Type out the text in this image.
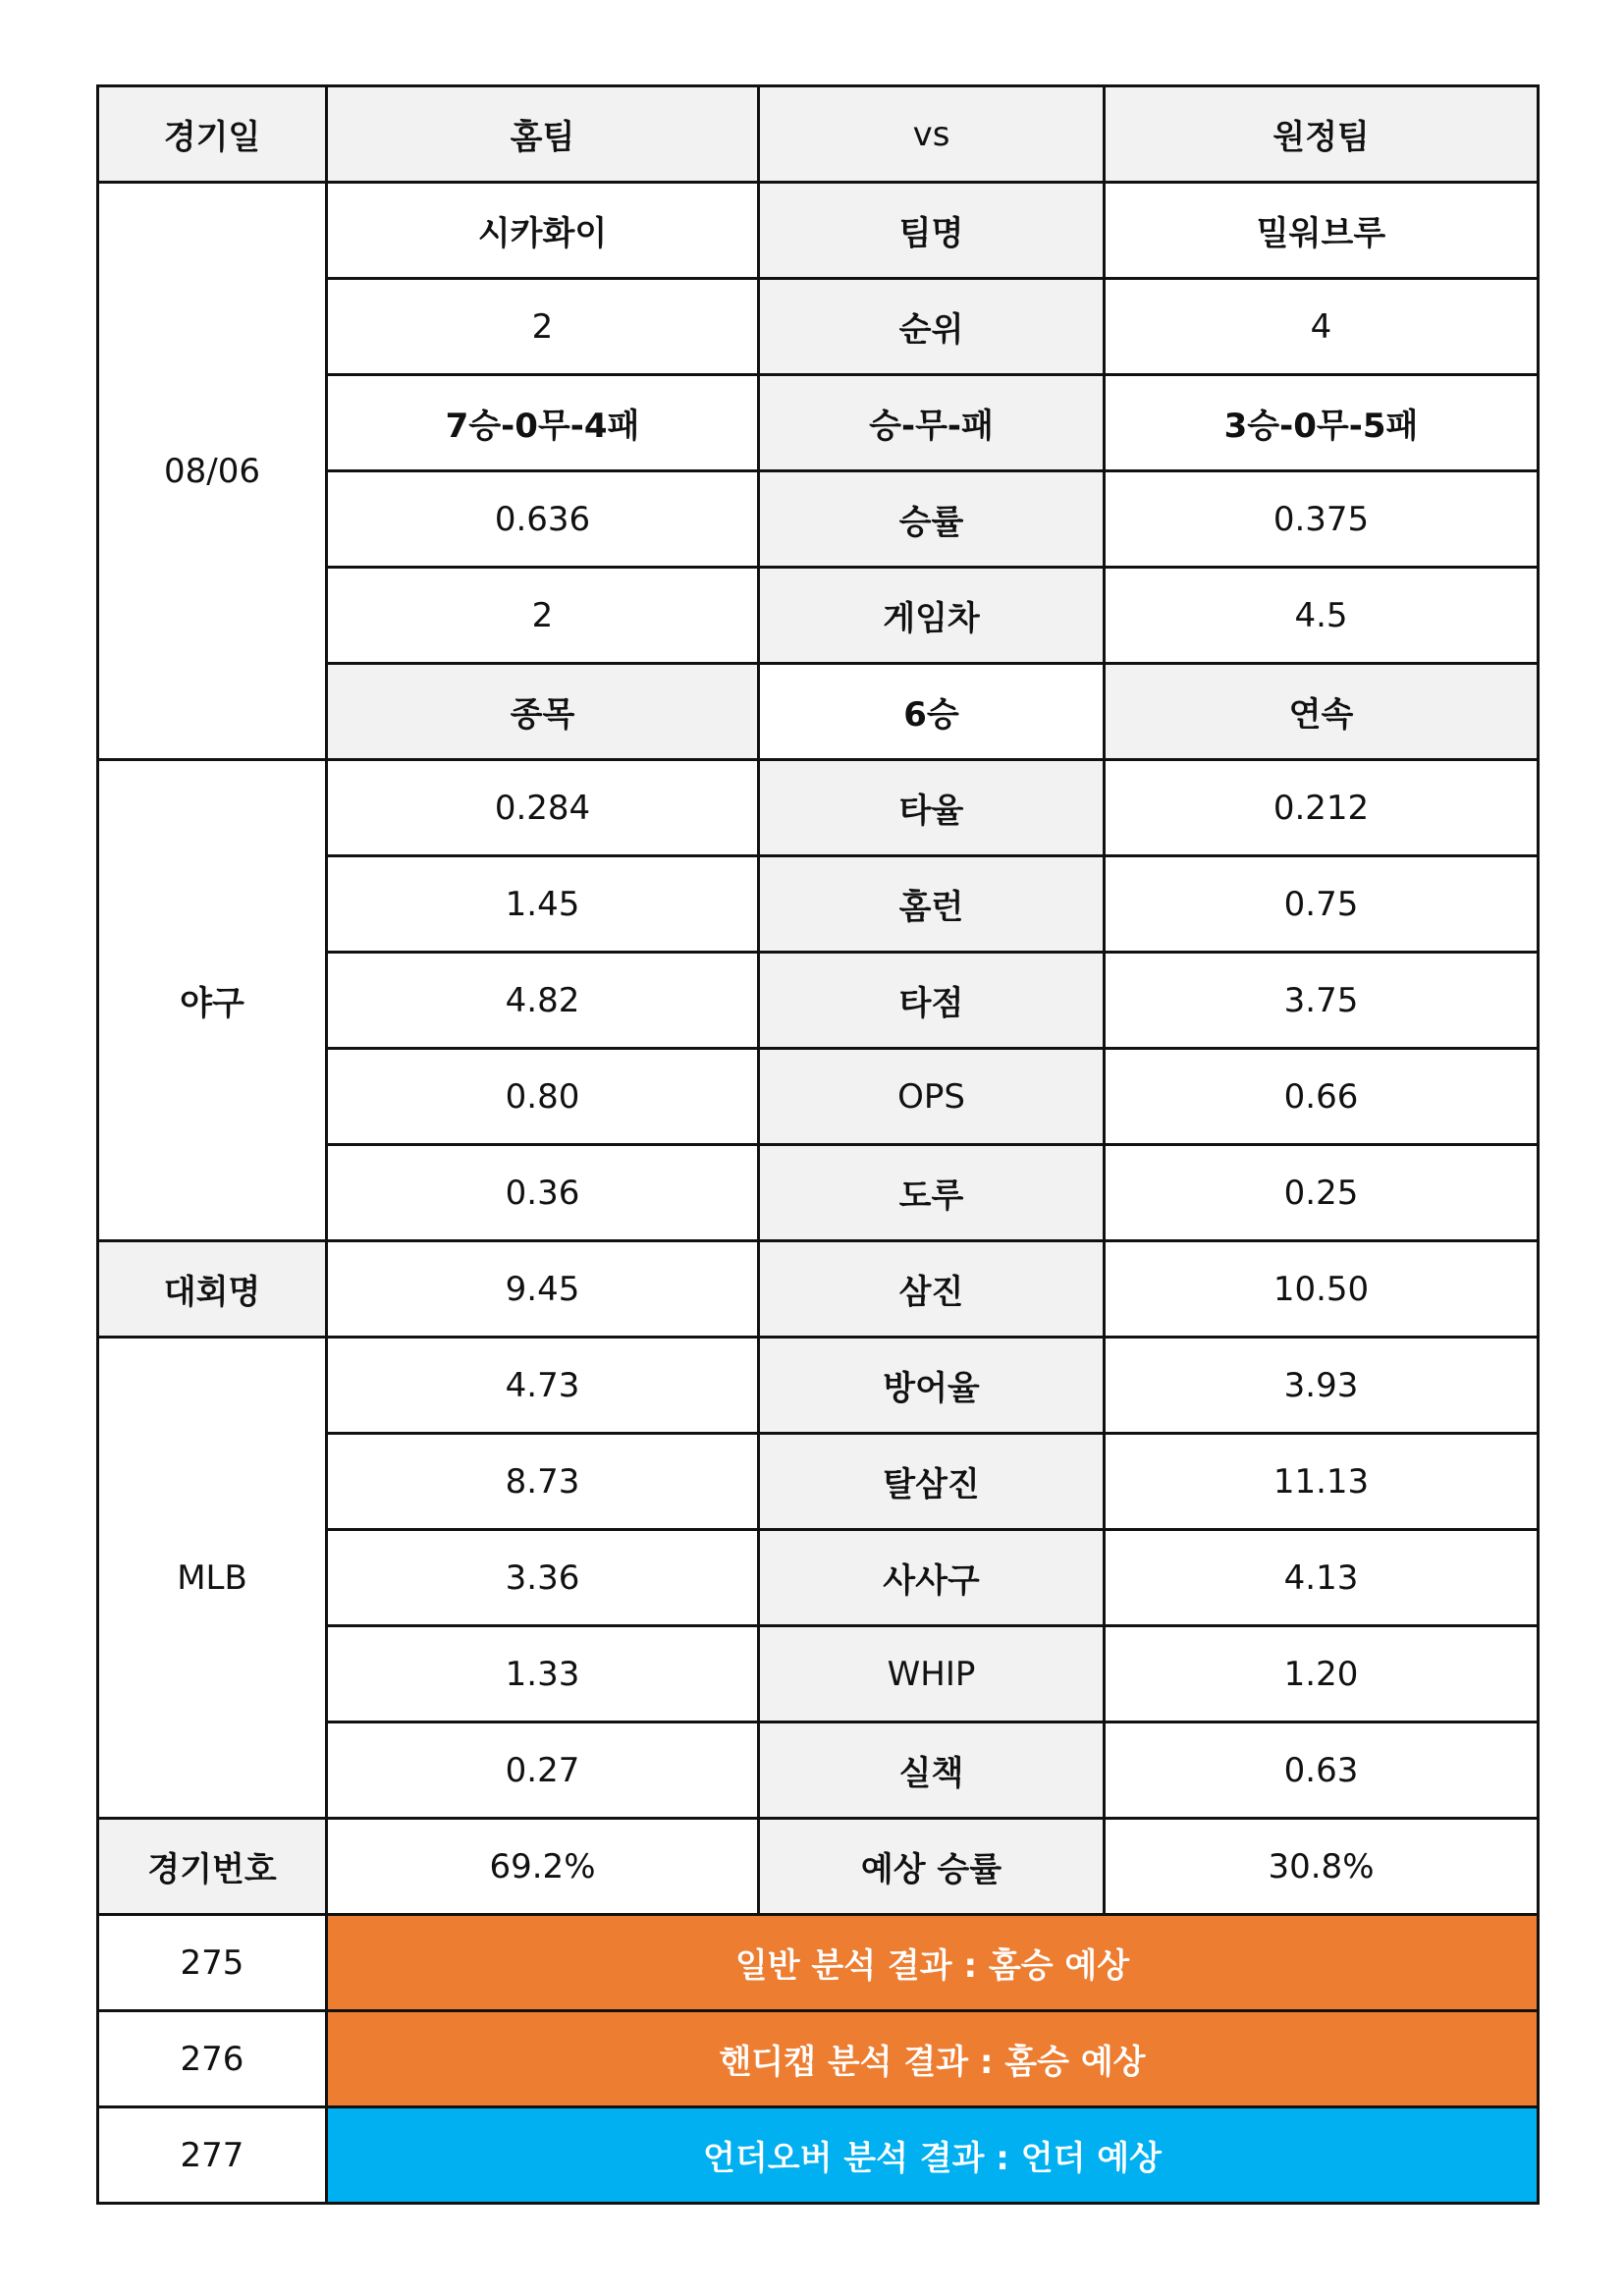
경기일	홈팀	vs	원정팀	
08/06	시카화이	팀명	밀워브루	
	2	순위	4	
	7승-0무-4패	승-무-패	3승-0무-5패	
	0.636	승률	0.375	
	2	게임차	4.5	
	종목	6승	연속	
야구	0.284	타율	0.212	
	1.45	홈런	0.75	
	4.82	타점	3.75	
	0.80	OPS	0.66	
	0.36	도루	0.25	
대회명	9.45	삼진	10.50	
MLB	4.73	방어율	3.93	
	8.73	탈삼진	11.13	
	3.36	사사구	4.13	
	1.33	WHIP	1.20	
	0.27	실책	0.63	
경기번호	69.2%	예상 승률	30.8%	
275	일반 분석 결과 : 홈승 예상			
276	핸디캡 분석 결과 : 홈승 예상			
277	언더오버 분석 결과 : 언더 예상			
